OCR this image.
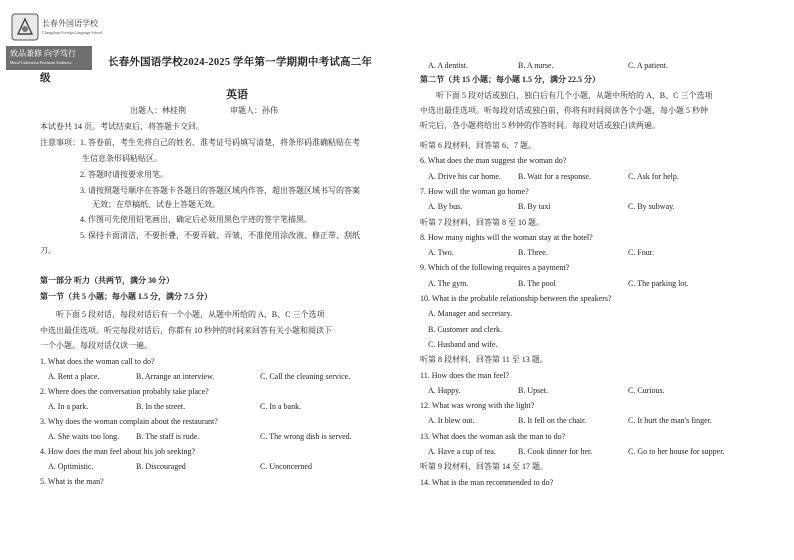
长春外国语学校
Changchun Foreign Language School
致品兼修 向学笃行
Moral Cultivation Persistent Endeavor	长春外国语学校2024-2025 学年第一学期期中考试高二年
级
英语
出题人：林桂荆	审题人：孙伟
本试卷共 14 页。考试结束后，将答题卡交回。
注意事项： 1. 答卷前，考生先将自己的姓名、准考证号码填写清楚，将条形码准确粘贴在考
生信息条形码粘贴区。
2. 答题时请按要求用笔。
3. 请按照题号顺序在答题卡各题目的答题区域内作答，超出答题区域书写的答案
无效；在草稿纸、试卷上答题无效。
4. 作图可先使用铅笔画出，确定后必须用黑色字迹的签字笔描黑。
5. 保持卡面清洁，不要折叠，不要弄破、弄皱，不准使用涂改液、修正带、刮纸
刀。
第一部分 听力（共两节，满分 30 分）
第一节（共 5 小题；每小题 1.5 分，满分 7.5 分）
听下面 5 段对话，每段对话后有一个小题，从题中所给的 A、B、C 三个选项
中选出最佳选项。听完每段对话后，你都有 10 秒钟的时间来回答有关小题和阅读下
一个小题。每段对话仅读一遍。
1. What does the woman call to do?
A. Rent a place.	B. Arrange an interview.	C. Call the cleaning service.
2. Where does the conversation probably take place?
A. In a park.	B. In the street.	C. In a bank.
3. Why does the woman complain about the restaurant?
A. She waits too long. B. The staff is rude.	C. The wrong dish is served.
4. How does the man feel about his job seeking?
A. Optimistic.	B. Discouraged	C. Unconcerned
5. What is the man?
A. A dentist.	B. A nurse.	C. A patient.
第二节（共 15 小题；每小题 1.5 分，满分 22.5 分）
听下面 5 段对话或独白，独白后有几个小题，从题中所给的 A、B、C 三个选项
中选出最佳选项。听每段对话或独白前，你将有时间阅读各个小题，每小题 5 秒钟
听完后，各小题将给出 5 秒钟的作答时间。每段对话或独白读两遍。
听第 6 段材料，回答第 6、7 题。
6. What does the man suggest the woman do?
A. Drive his car home. B. Wait for a response.	C. Ask for help.
7. How will the woman go home?
A. By bus.	B. By taxi	C. By subway.
听第 7 段材料，回答第 8 至 10 题。
8. How many nights will the woman stay at the hotel?
A. Two.	B. Three.	C. Four.
9. Which of the following requires a payment?
A. The gym.	B. The pool	C. The parking lot.
10. What is the probable relationship between the speakers?
A. Manager and secretary.
B. Customer and clerk.
C. Husband and wife.
听第 8 段材料，回答第 11 至 13 题。
11. How does the man feel?
A. Happy.	B. Upset.	C. Curious.
12. What was wrong with the light?
A. It blew out.	B. It fell on the chair.	C. It hurt the man's finger.
13. What does the woman ask the man to do?
A. Have a cup of tea.	B. Cook dinner for her.	C. Go to her house for supper.
听第 9 段材料，回答第 14 至 17 题。
14. What is the man recommended to do?
